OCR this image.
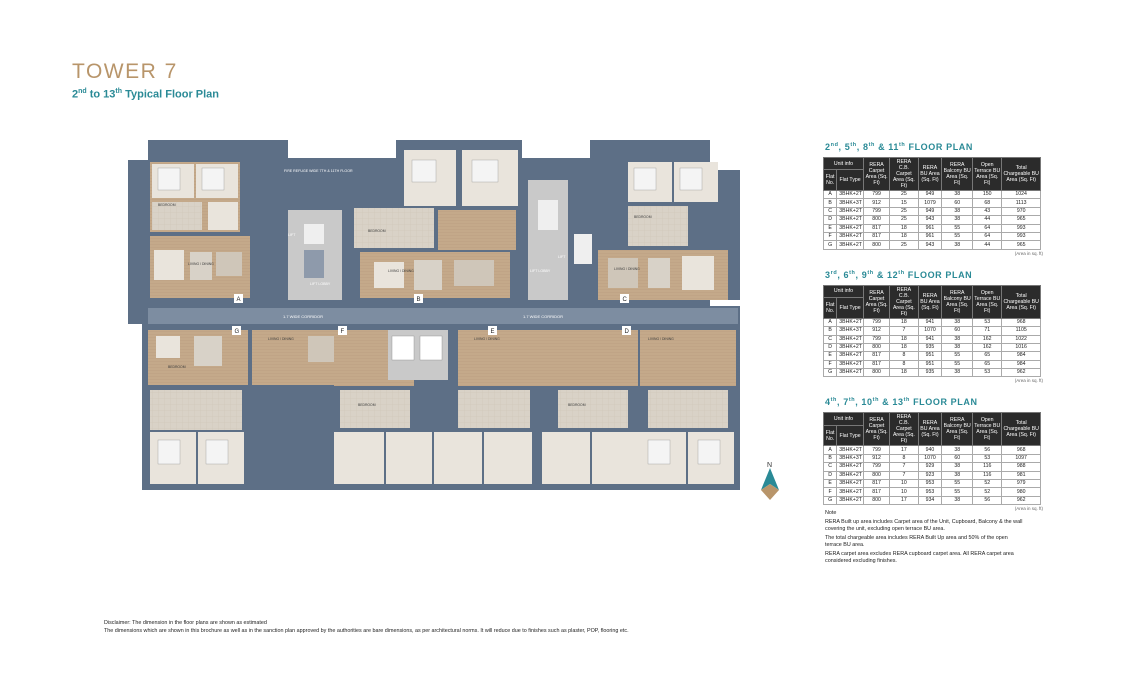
TOWER 7
2nd to 13th Typical Floor Plan
1.7 WIDE CORRIDOR	1.7 WIDE CORRIDOR
A	B	C
G	F	E	D
FIRE REFUGE WIDE 7TH & 11TH FLOOR
LIFT
LIFT
LIFT LOBBY
LIFT LOBBY
BEDROOM
LIVING / DINING
BEDROOM
LIVING / DINING
BEDROOM
LIVING / DINING
BEDROOM
LIVING / DINING
BEDROOM
LIVING / DINING
BEDROOM
LIVING / DINING
N
2nd, 5th, 8th & 11th FLOOR PLAN
Unit info		RERA Carpet Area (Sq. Ft)	RERA C.B. Carpet Area (Sq. Ft)	RERA BU Area (Sq. Ft)	RERA Balcony BU Area (Sq. Ft)	Open Terrace BU Area (Sq. Ft)	Total Chargeable BU Area (Sq. Ft)
Flat No.	Flat Type						
A	3BHK+2T	799	25	949	38	150	1024
B	3BHK+3T	912	15	1079	60	68	1113
C	3BHK+2T	799	25	949	38	43	970
D	3BHK+2T	800	25	943	38	44	965
E	3BHK+2T	817	18	961	55	64	993
F	3BHK+2T	817	18	961	55	64	993
G	3BHK+2T	800	25	943	38	44	965
(Area in sq. ft)
3rd, 6th, 9th & 12th FLOOR PLAN
Unit info		RERA Carpet Area (Sq. Ft)	RERA C.B. Carpet Area (Sq. Ft)	RERA BU Area (Sq. Ft)	RERA Balcony BU Area (Sq. Ft)	Open Terrace BU Area (Sq. Ft)	Total Chargeable BU Area (Sq. Ft)
Flat No.	Flat Type						
A	3BHK+2T	799	18	941	38	53	968
B	3BHK+3T	912	7	1070	60	71	1105
C	3BHK+2T	799	18	941	38	162	1022
D	3BHK+2T	800	18	935	38	162	1016
E	3BHK+2T	817	8	951	55	65	984
F	3BHK+2T	817	8	951	55	65	984
G	3BHK+2T	800	18	935	38	53	962
(Area in sq. ft)
4th, 7th, 10th & 13th FLOOR PLAN
Unit info		RERA Carpet Area (Sq. Ft)	RERA C.B. Carpet Area (Sq. Ft)	RERA BU Area (Sq. Ft)	RERA Balcony BU Area (Sq. Ft)	Open Terrace BU Area (Sq. Ft)	Total Chargeable BU Area (Sq. Ft)
Flat No.	Flat Type						
A	3BHK+2T	799	17	940	38	56	968
B	3BHK+3T	912	8	1070	60	53	1097
C	3BHK+2T	799	7	929	38	116	988
D	3BHK+2T	800	7	923	38	116	981
E	3BHK+2T	817	10	953	55	52	979
F	3BHK+2T	817	10	953	55	52	980
G	3BHK+2T	800	17	934	38	56	962
(Area in sq. ft)

Note

RERA Built up area includes Carpet area of the Unit, Cupboard, Balcony & the wall covering the unit, excluding open terrace BU area.

The total chargeable area includes RERA Built Up area and 50% of the open terrace BU area.

RERA carpet area excludes RERA cupboard carpet area. All RERA carpet area considered excluding finishes.

Disclaimer: The dimension in the floor plans are shown as estimated
The dimensions which are shown in this brochure as well as in the sanction plan approved by the authorities are bare dimensions, as per architectural norms. It will reduce due to finishes such as plaster, POP, flooring etc.
